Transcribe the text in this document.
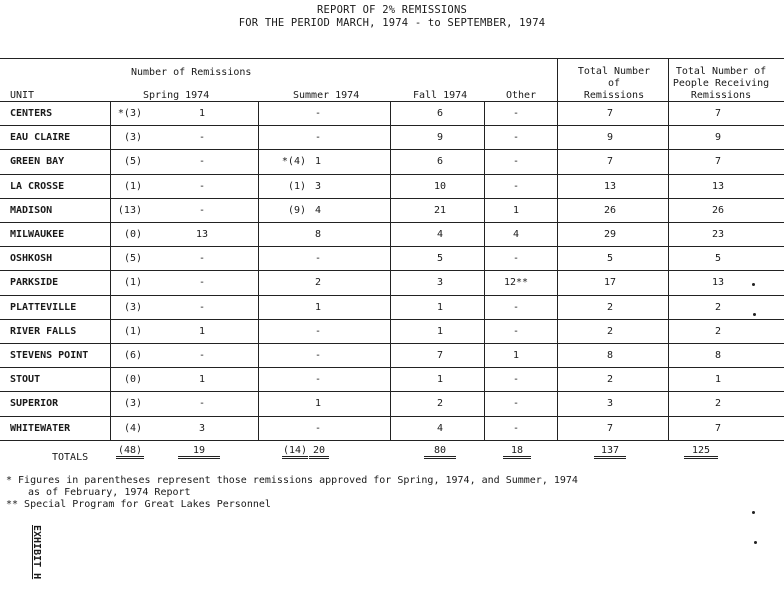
REPORT OF 2% REMISSIONS
FOR THE PERIOD MARCH, 1974 - to SEPTEMBER, 1974
Number of Remissions
UNIT	Spring 1974	Summer 1974	Fall 1974	Other
Total Number
of
Remissions
Total Number of
People Receiving
Remissions
CENTERS	*(3)	1	-	6	-	7	7
EAU CLAIRE	(3)	-	-	9	-	9	9
GREEN BAY	(5)	-	*(4) 1	6	-	7	7
LA CROSSE	(1)	-	(1) 3	10	-	13	13
MADISON	(13)	-	(9) 4	21	1	26	26
MILWAUKEE	(0)	13	8	4	4	29	23
OSHKOSH	(5)	-	-	5	-	5	5
PARKSIDE	(1)	-	2	3	12**	17	13
PLATTEVILLE	(3)	-	1	1	-	2	2
RIVER FALLS	(1)	1	-	1	-	2	2
STEVENS POINT	(6)	-	-	7	1	8	8
STOUT	(0)	1	-	1	-	2	1
SUPERIOR	(3)	-	1	2	-	3	2
WHITEWATER	(4)	3	-	4	-	7	7
TOTALS
(48)	19	(14) 20	80	18	137	125
* Figures in parentheses represent those remissions approved for Spring, 1974, and Summer, 1974
as of February, 1974 Report
** Special Program for Great Lakes Personnel
EXHIBIT H
